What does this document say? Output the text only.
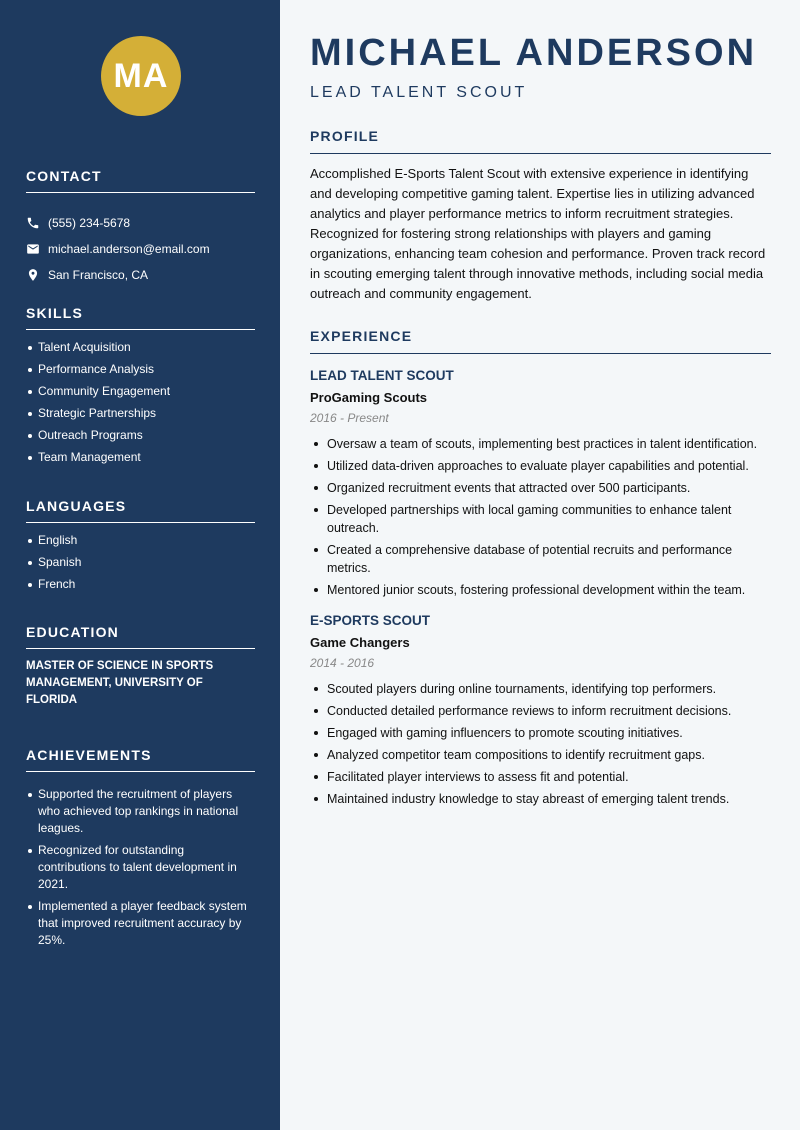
MA
CONTACT
(555) 234-5678
michael.anderson@email.com
San Francisco, CA
SKILLS
Talent Acquisition
Performance Analysis
Community Engagement
Strategic Partnerships
Outreach Programs
Team Management
LANGUAGES
English
Spanish
French
EDUCATION
MASTER OF SCIENCE IN SPORTS MANAGEMENT, UNIVERSITY OF FLORIDA
ACHIEVEMENTS
Supported the recruitment of players who achieved top rankings in national leagues.
Recognized for outstanding contributions to talent development in 2021.
Implemented a player feedback system that improved recruitment accuracy by 25%.
MICHAEL ANDERSON
LEAD TALENT SCOUT
PROFILE

Accomplished E-Sports Talent Scout with extensive experience in identifying and developing competitive gaming talent. Expertise lies in utilizing advanced analytics and player performance metrics to inform recruitment strategies. Recognized for fostering strong relationships with players and gaming organizations, enhancing team cohesion and performance. Proven track record in scouting emerging talent through innovative methods, including social media outreach and community engagement.

EXPERIENCE

LEAD TALENT SCOUT

ProGaming Scouts

2016 - Present

Oversaw a team of scouts, implementing best practices in talent identification.
Utilized data-driven approaches to evaluate player capabilities and potential.
Organized recruitment events that attracted over 500 participants.
Developed partnerships with local gaming communities to enhance talent outreach.
Created a comprehensive database of potential recruits and performance metrics.
Mentored junior scouts, fostering professional development within the team.

E-SPORTS SCOUT

Game Changers

2014 - 2016

Scouted players during online tournaments, identifying top performers.
Conducted detailed performance reviews to inform recruitment decisions.
Engaged with gaming influencers to promote scouting initiatives.
Analyzed competitor team compositions to identify recruitment gaps.
Facilitated player interviews to assess fit and potential.
Maintained industry knowledge to stay abreast of emerging talent trends.
